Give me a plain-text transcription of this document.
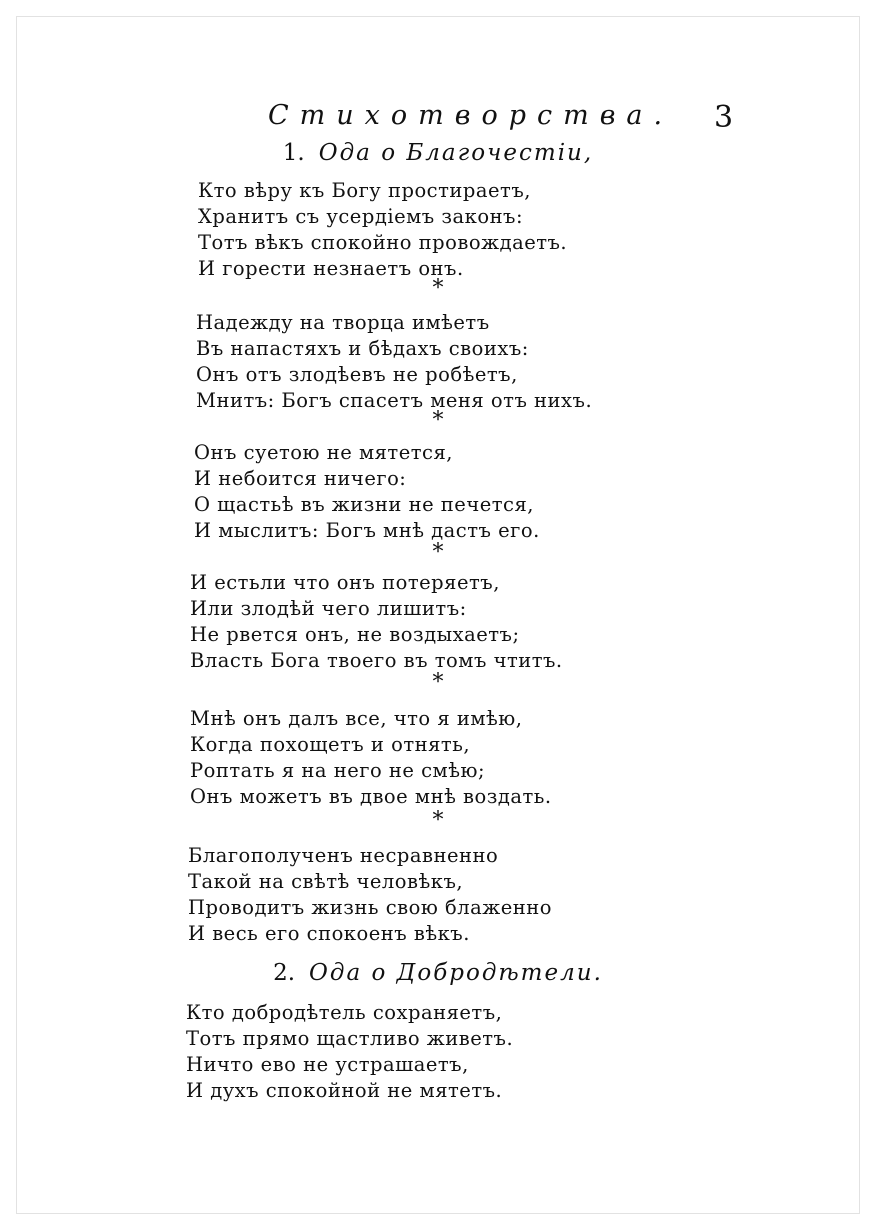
Стихотворства. 3
1. Ода о Благочестiи,
Кто вѣру къ Богу простираетъ,
Хранитъ съ усердiемъ законъ:
Тотъ вѣкъ спокойно провождаетъ.
И горести незнаетъ онъ.
*
Надежду на творца имѣетъ
Въ напастяхъ и бѣдахъ своихъ:
Онъ отъ злодѣевъ не робѣетъ,
Мнитъ: Богъ спасетъ меня отъ нихъ.
*
Онъ суетою не мятется,
И небоится ничего:
О щастьѣ въ жизни не печется,
И мыслитъ: Богъ мнѣ дастъ его.
*
И естьли что онъ потеряетъ,
Или злодѣй чего лишитъ:
Не рвется онъ, не воздыхаетъ;
Власть Бога твоего въ томъ чтитъ.
*
Мнѣ онъ далъ все, что я имѣю,
Когда похощетъ и отнять,
Роптать я на него не смѣю;
Онъ можетъ въ двое мнѣ воздать.
*
Благополученъ несравненно
Такой на свѣтѣ человѣкъ,
Проводитъ жизнь свою блаженно
И весь его спокоенъ вѣкъ.
2. Ода о Добродѣтели.
Кто добродѣтель сохраняетъ,
Тотъ прямо щастливо живетъ.
Ничто ево не устрашаетъ,
И духъ спокойной не мятетъ.
